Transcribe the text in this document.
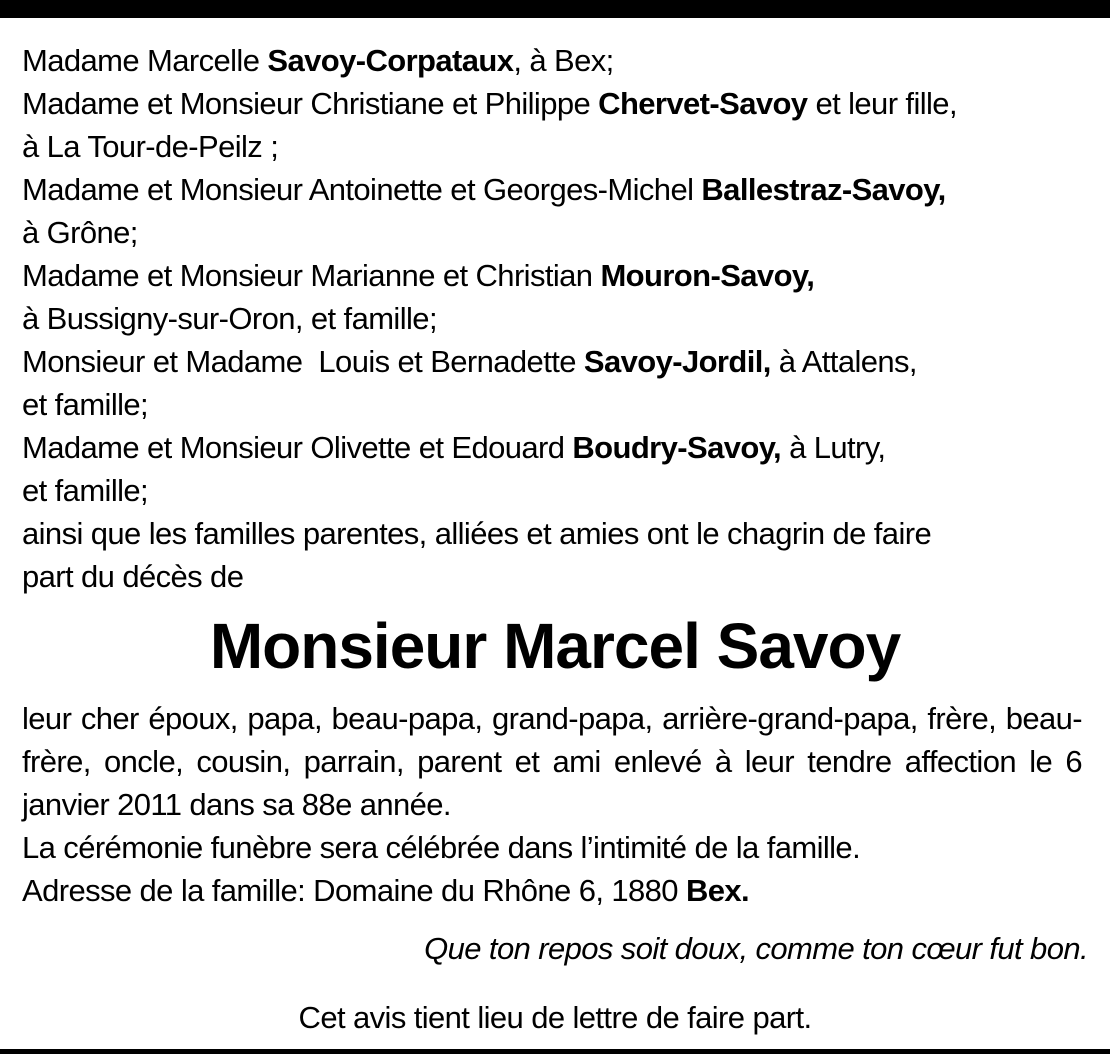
Madame Marcelle Savoy-Corpataux, à Bex;
Madame et Monsieur Christiane et Philippe Chervet-Savoy et leur fille,
à La Tour-de-Peilz ;
Madame et Monsieur Antoinette et Georges-Michel Ballestraz-Savoy,
à Grône;
Madame et Monsieur Marianne et Christian Mouron-Savoy,
à Bussigny-sur-Oron, et famille;
Monsieur et Madame  Louis et Bernadette Savoy-Jordil, à Attalens,
et famille;
Madame et Monsieur Olivette et Edouard Boudry-Savoy, à Lutry,
et famille;
ainsi que les familles parentes, alliées et amies ont le chagrin de faire
part du décès de
Monsieur Marcel Savoy
leur cher époux, papa, beau-papa, grand-papa, arrière-grand-papa, frère, beau-frère, oncle, cousin, parrain, parent et ami enlevé à leur tendre affection le 6 janvier 2011 dans sa 88e année.
La cérémonie funèbre sera célébrée dans l’intimité de la famille.
Adresse de la famille: Domaine du Rhône 6, 1880 Bex.
Que ton repos soit doux, comme ton cœur fut bon.
Cet avis tient lieu de lettre de faire part.
